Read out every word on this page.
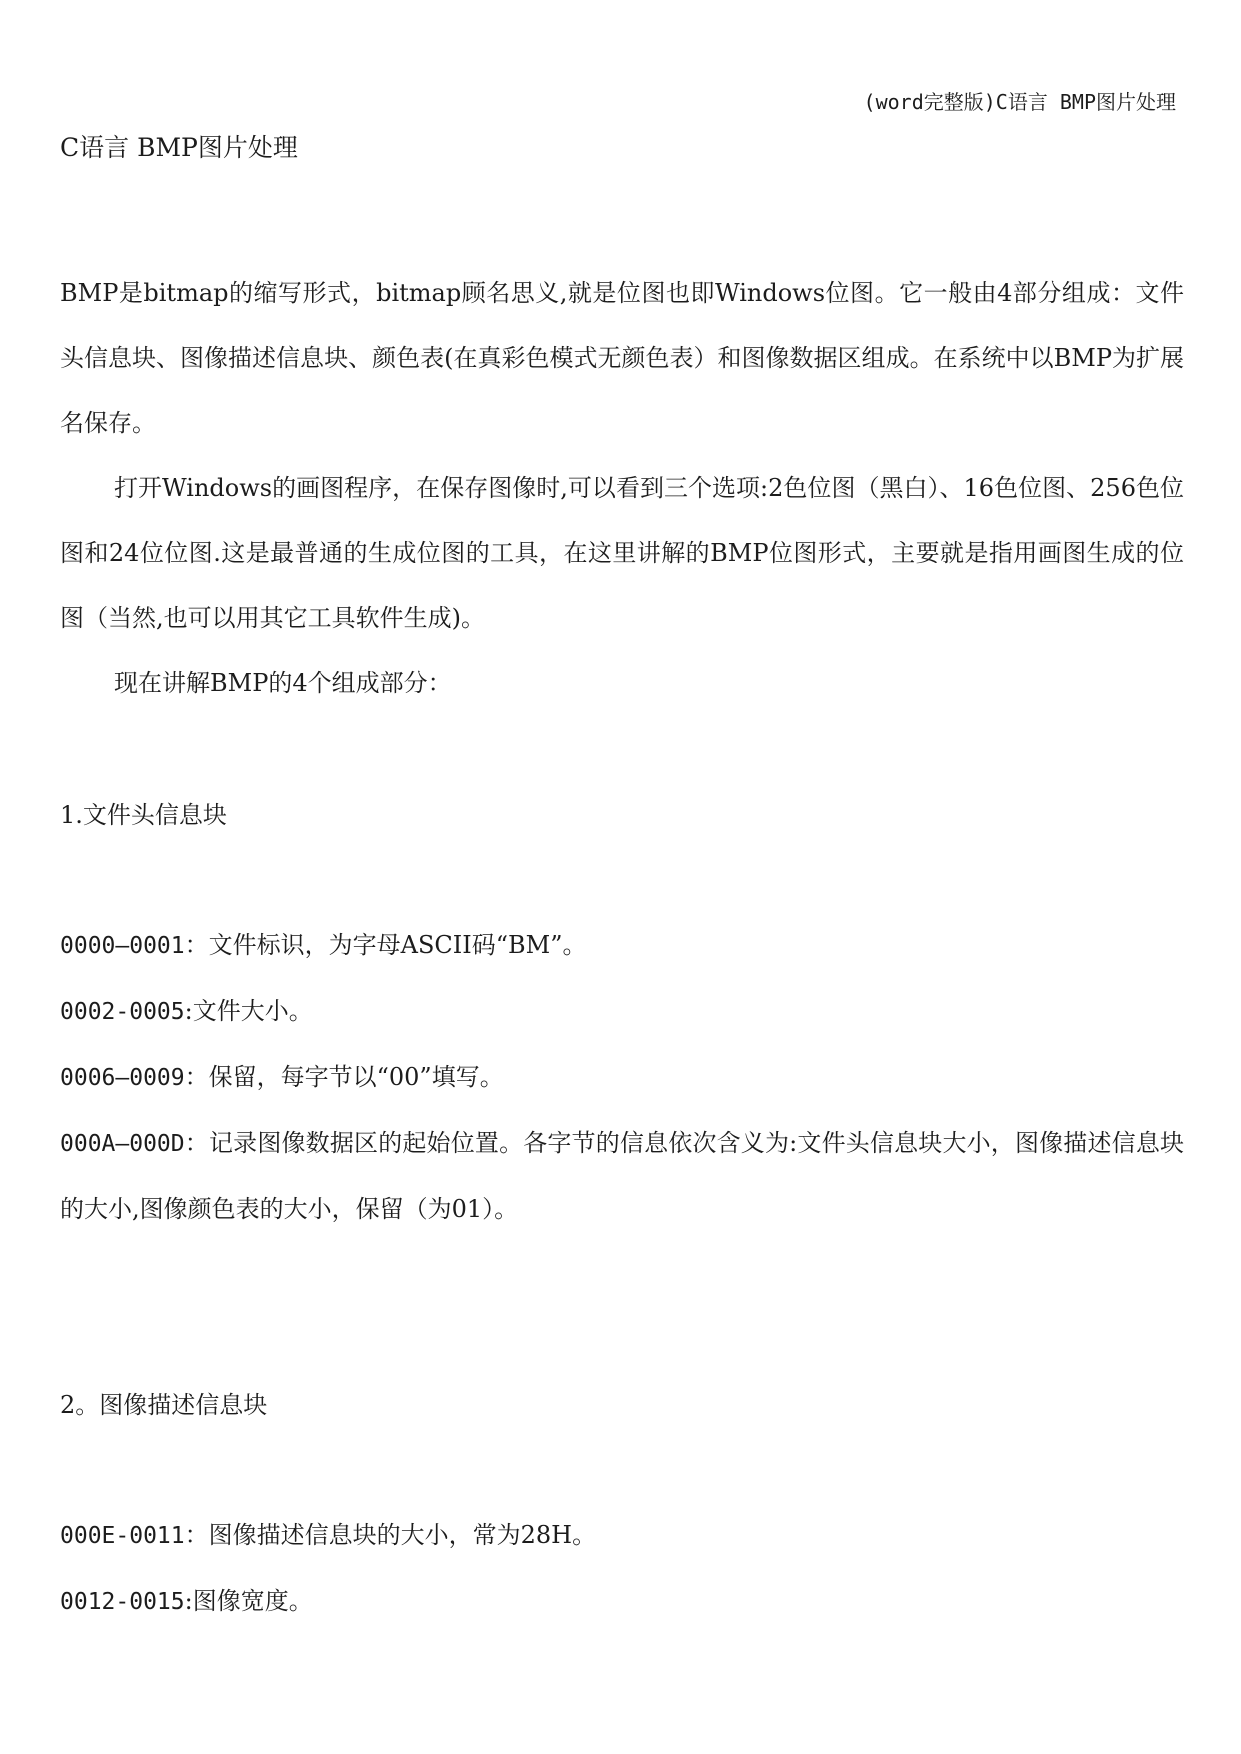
(word完整版)C语言 BMP图片处理
C语言 BMP图片处理

BMP是bitmap的缩写形式，bitmap顾名思义,就是位图也即Windows位图。它一般由4部分组成：文件头信息块、图像描述信息块、颜色表(在真彩色模式无颜色表）和图像数据区组成。在系统中以BMP为扩展名保存。

打开Windows的画图程序，在保存图像时,可以看到三个选项:2色位图（黑白）、16色位图、256色位图和24位位图.这是最普通的生成位图的工具，在这里讲解的BMP位图形式，主要就是指用画图生成的位图（当然,也可以用其它工具软件生成)。

现在讲解BMP的4个组成部分：

1.文件头信息块

0000—0001：文件标识，为字母ASCII码“BM”。

0002-0005:文件大小。

0006—0009：保留，每字节以“00”填写。

000A—000D：记录图像数据区的起始位置。各字节的信息依次含义为:文件头信息块大小，图像描述信息块的大小,图像颜色表的大小，保留（为01）。

2。图像描述信息块

000E-0011：图像描述信息块的大小，常为28H。

0012-0015:图像宽度。
